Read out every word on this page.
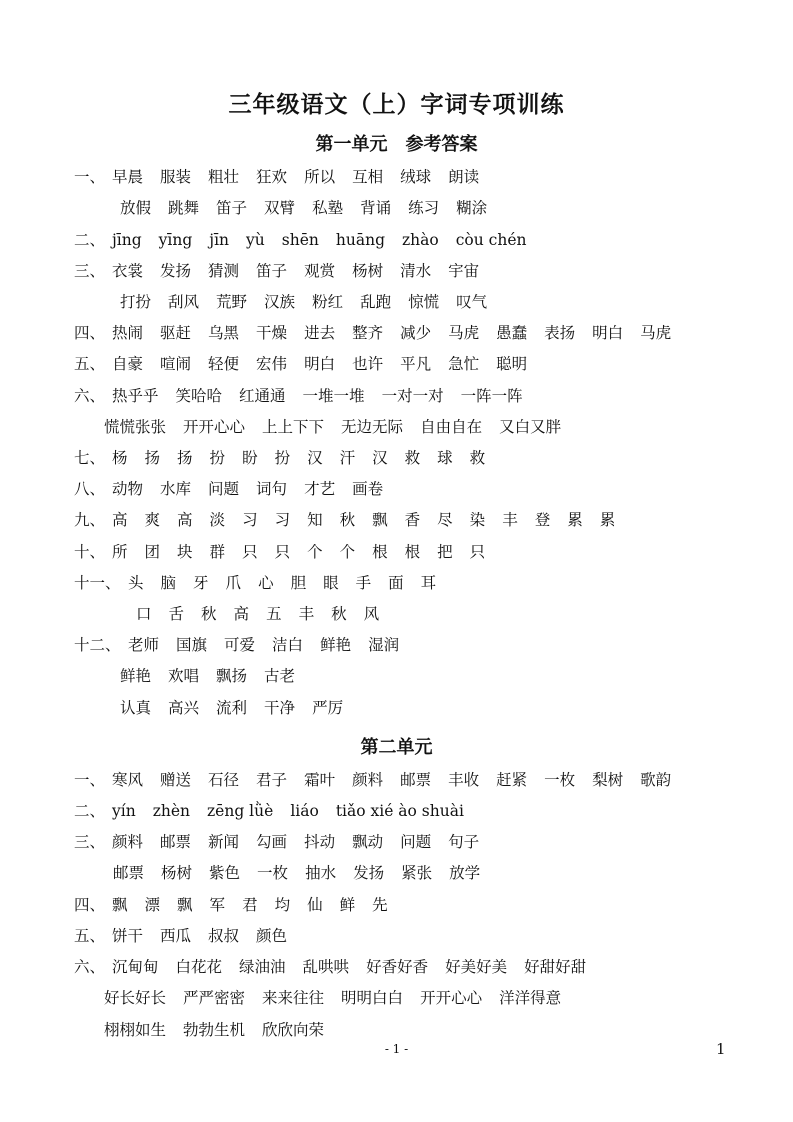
三年级语文（上）字词专项训练
第一单元　参考答案
一、 早晨 服装 粗壮 狂欢 所以 互相 绒球 朗读
放假 跳舞 笛子 双臂 私塾 背诵 练习 糊涂
二、 jīng yīng jīn yù shēn huāng zhào còu chén
三、 衣裳 发扬 猜测 笛子 观赏 杨树 清水 宇宙
打扮 刮风 荒野 汉族 粉红 乱跑 惊慌 叹气
四、 热闹 驱赶 乌黑 干燥 进去 整齐 减少 马虎 愚蠢 表扬 明白 马虎
五、 自豪 喧闹 轻便 宏伟 明白 也许 平凡 急忙 聪明
六、 热乎乎 笑哈哈 红通通 一堆一堆 一对一对 一阵一阵
慌慌张张 开开心心 上上下下 无边无际 自由自在 又白又胖
七、 杨 扬 扬 扮 盼 扮 汉 汗 汉 救 球 救
八、 动物 水库 问题 词句 才艺 画卷
九、 高 爽 高 淡 习 习 知 秋 飘 香 尽 染 丰 登 累 累
十、 所 团 块 群 只 只 个 个 根 根 把 只
十一、 头 脑 牙 爪 心 胆 眼 手 面 耳
口 舌 秋 高 五 丰 秋 风
十二、 老师 国旗 可爱 洁白 鲜艳 湿润
鲜艳 欢唱 飘扬 古老
认真 高兴 流利 干净 严厉
第二单元
一、 寒风 赠送 石径 君子 霜叶 颜料 邮票 丰收 赶紧 一枚 梨树 歌韵
二、 yín zhèn zēng lǜè liáo tiǎo xié ào shuài
三、 颜料 邮票 新闻 勾画 抖动 飘动 问题 句子
邮票 杨树 紫色 一枚 抽水 发扬 紧张 放学
四、 飘 漂 飘 军 君 均 仙 鲜 先
五、 饼干 西瓜 叔叔 颜色
六、 沉甸甸 白花花 绿油油 乱哄哄 好香好香 好美好美 好甜好甜
好长好长 严严密密 来来往往 明明白白 开开心心 洋洋得意
栩栩如生 勃勃生机 欣欣向荣
- 1 -	1
